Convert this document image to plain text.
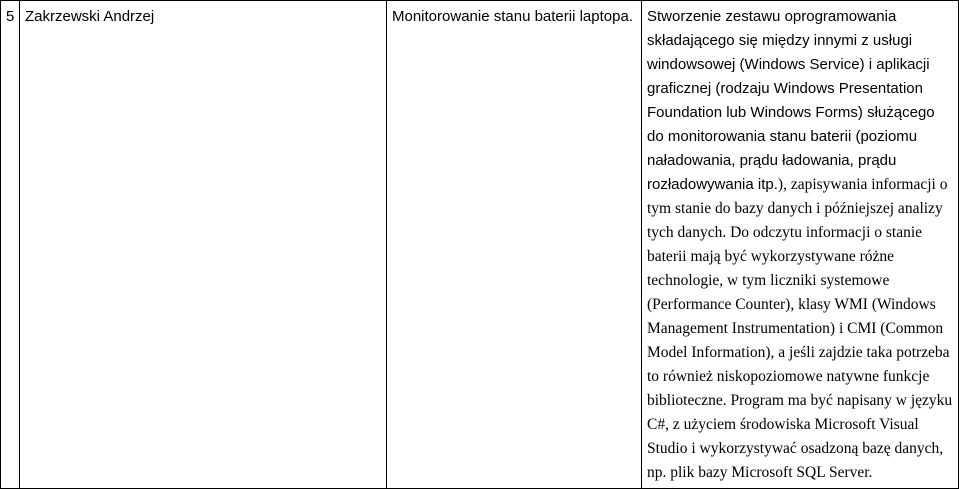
5	Zakrzewski Andrzej	Monitorowanie stanu baterii laptopa.	Stworzenie zestawu oprogramowania składającego się między innymi z usługi windowsowej (Windows Service) i aplikacji graficznej (rodzaju Windows Presentation Foundation lub Windows Forms) służącego do monitorowania stanu baterii (poziomu naładowania, prądu ładowania, prądu rozładowywania itp.), zapisywania informacji o tym stanie do bazy danych i późniejszej analizy tych danych. Do odczytu informacji o stanie baterii mają być wykorzystywane różne technologie, w tym liczniki systemowe (Performance Counter), klasy WMI (Windows Management Instrumentation) i CMI (Common Model Information), a jeśli zajdzie taka potrzeba to również niskopoziomowe natywne funkcje biblioteczne. Program ma być napisany w języku C#, z użyciem środowiska Microsoft Visual Studio i wykorzystywać osadzoną bazę danych, np. plik bazy Microsoft SQL Server.
